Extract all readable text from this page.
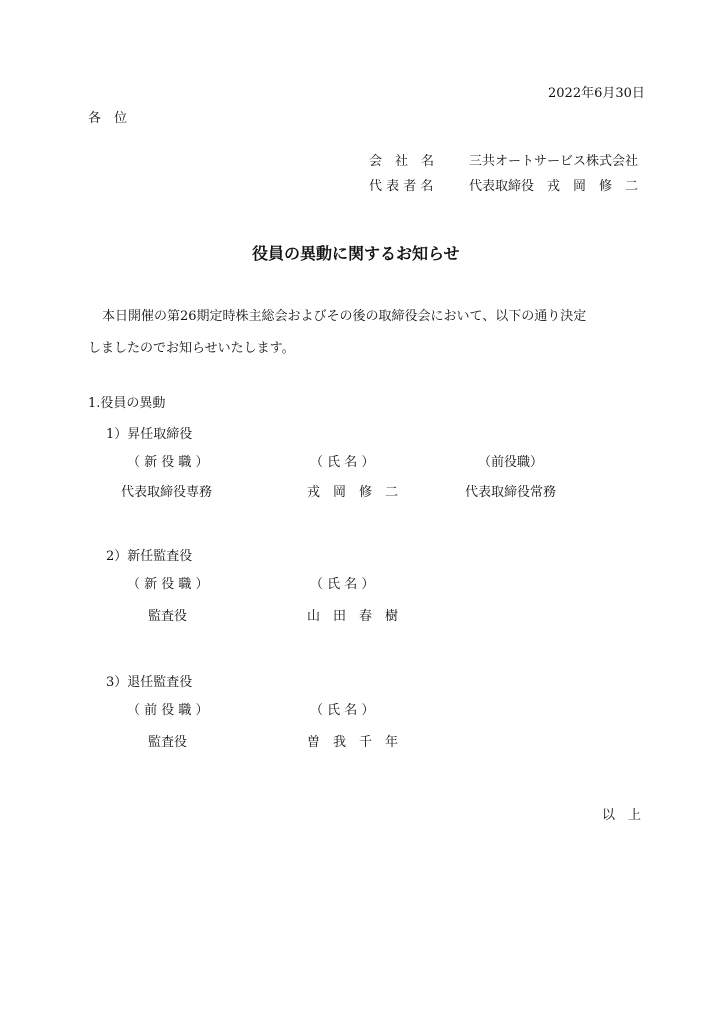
2022年6月30日
各　位
会　社　名	三共オートサービス株式会社
代 表 者 名	代表取締役　戎　岡　修　二
役員の異動に関するお知らせ
本日開催の第26期定時株主総会およびその後の取締役会において、以下の通り決定
しましたのでお知らせいたします。
1.役員の異動
1）昇任取締役
（ 新 役 職 ）	（ 氏 名 ）	（前役職）
代表取締役専務	戎　岡　修　二	代表取締役常務
2）新任監査役
（ 新 役 職 ）	（ 氏 名 ）
監査役	山　田　春　樹
3）退任監査役
（ 前 役 職 ）	（ 氏 名 ）
監査役	曽　我　千　年
以　上
